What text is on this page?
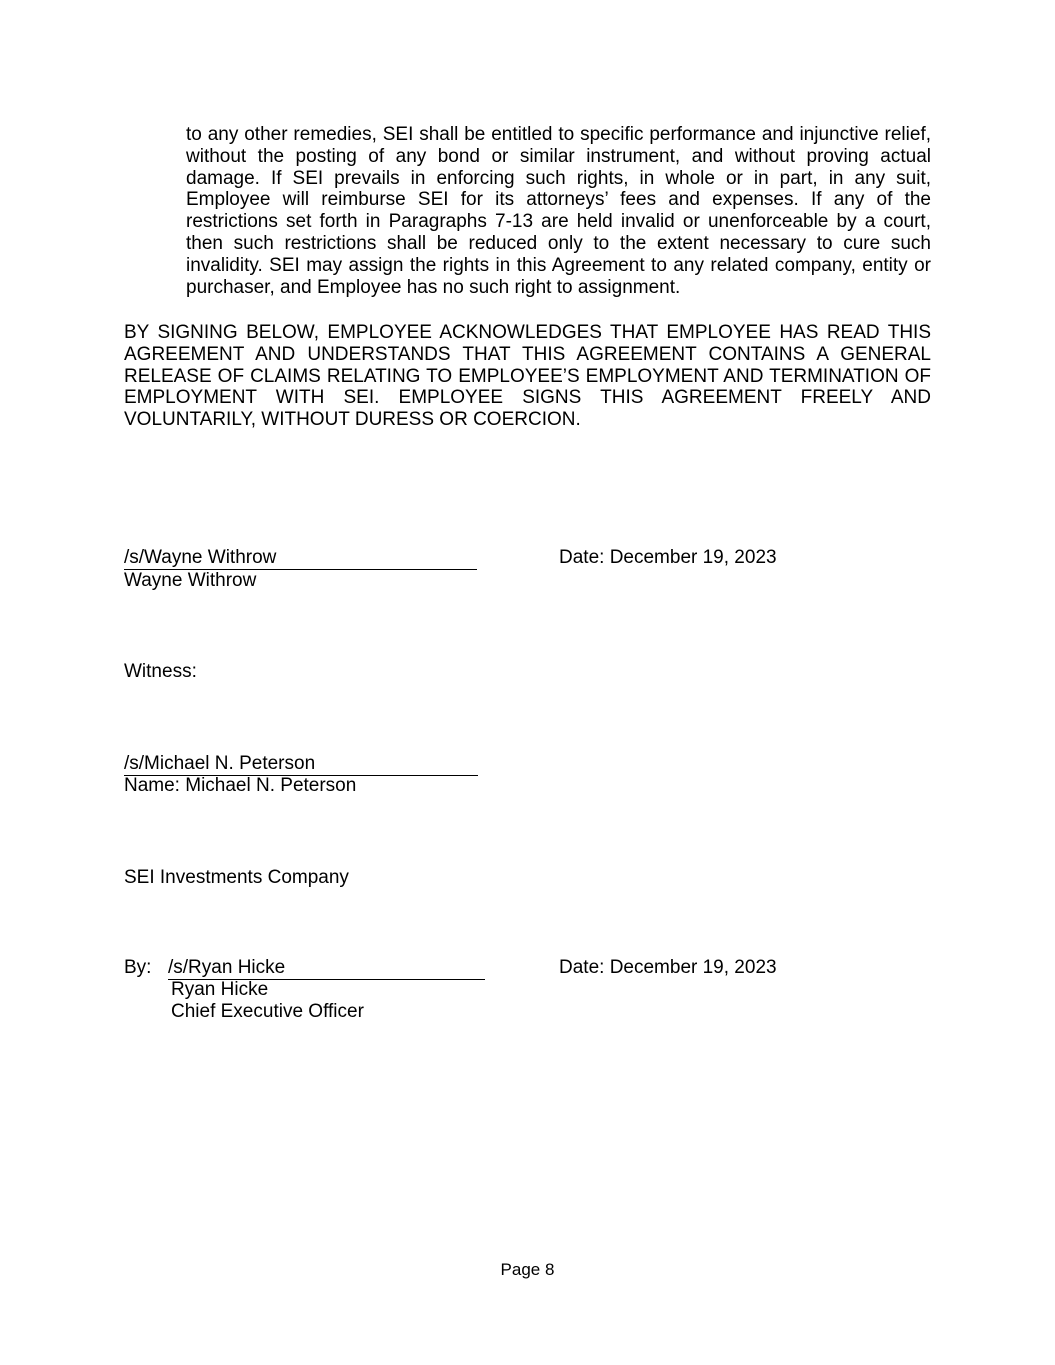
to any other remedies, SEI shall be entitled to specific performance and injunctive relief, without the posting of any bond or similar instrument, and without proving actual damage. If SEI prevails in enforcing such rights, in whole or in part, in any suit, Employee will reimburse SEI for its attorneys’ fees and expenses. If any of the restrictions set forth in Paragraphs 7-13 are held invalid or unenforceable by a court, then such restrictions shall be reduced only to the extent necessary to cure such invalidity. SEI may assign the rights in this Agreement to any related company, entity or purchaser, and Employee has no such right to assignment.

BY SIGNING BELOW, EMPLOYEE ACKNOWLEDGES THAT EMPLOYEE HAS READ THIS AGREEMENT AND UNDERSTANDS THAT THIS AGREEMENT CONTAINS A GENERAL RELEASE OF CLAIMS RELATING TO EMPLOYEE’S EMPLOYMENT AND TERMINATION OF EMPLOYMENT WITH SEI. EMPLOYEE SIGNS THIS AGREEMENT FREELY AND VOLUNTARILY, WITHOUT DURESS OR COERCION.

/s/Wayne Withrow
Wayne Withrow
Date: December 19, 2023
Witness:
/s/Michael N. Peterson
Name: Michael N. Peterson
SEI Investments Company
By: /s/Ryan Hicke	Date: December 19, 2023
Ryan Hicke
Chief Executive Officer
Page 8
